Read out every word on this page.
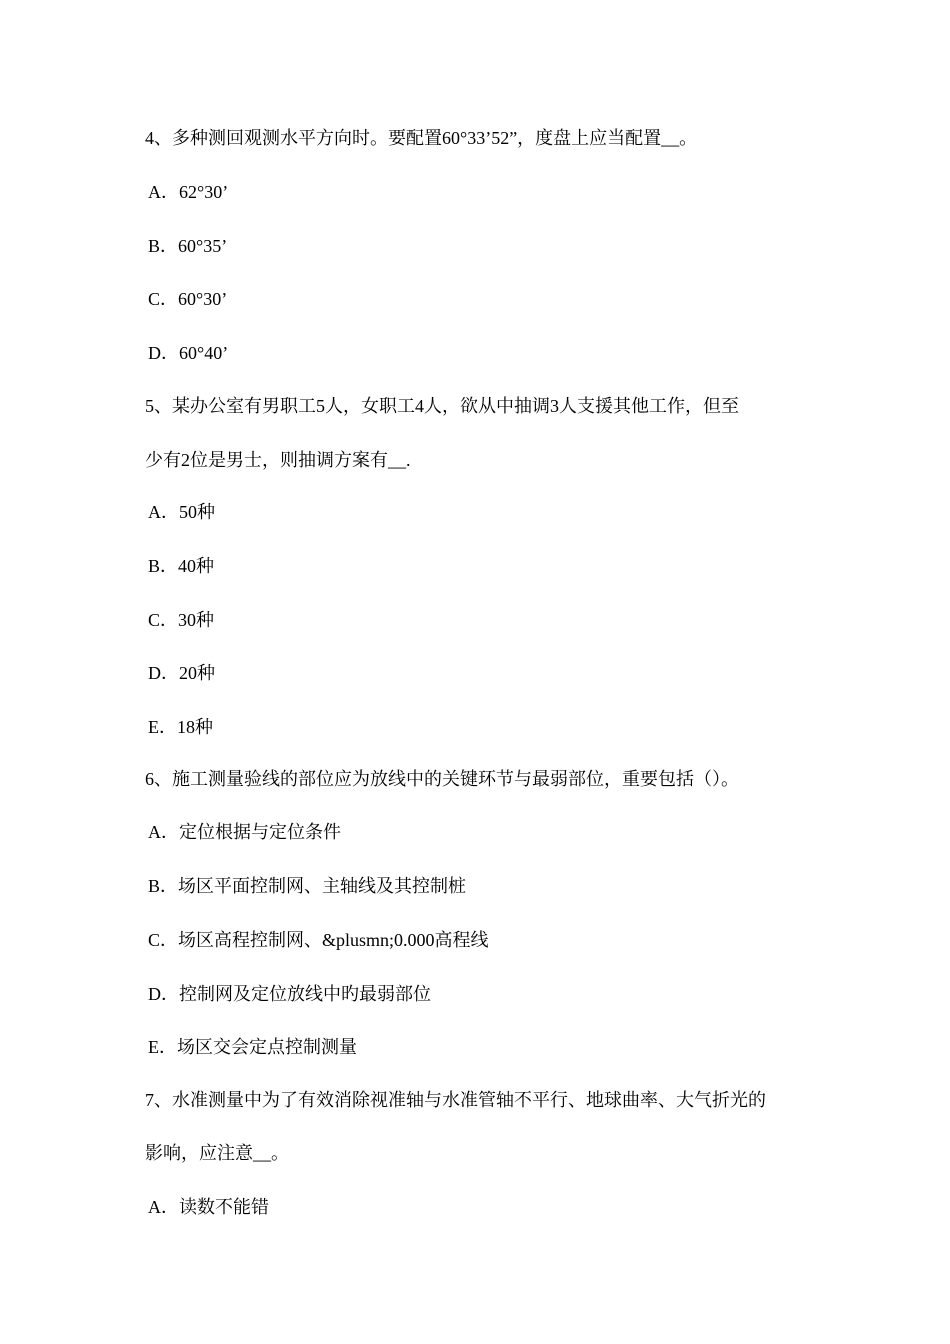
4、多种测回观测水平方向时。要配置60°33’52”，度盘上应当配置__。
A．62°30’
B．60°35’
C．60°30’
D．60°40’
5、某办公室有男职工5人，女职工4人，欲从中抽调3人支援其他工作，但至
少有2位是男士，则抽调方案有__.
A．50种
B．40种
C．30种
D．20种
E．18种
6、施工测量验线的部位应为放线中的关键环节与最弱部位，重要包括（）。
A．定位根据与定位条件
B．场区平面控制网、主轴线及其控制桩
C．场区高程控制网、&plusmn;0.000高程线
D．控制网及定位放线中旳最弱部位
E．场区交会定点控制测量
7、水准测量中为了有效消除视准轴与水准管轴不平行、地球曲率、大气折光的
影响，应注意__。
A．读数不能错
